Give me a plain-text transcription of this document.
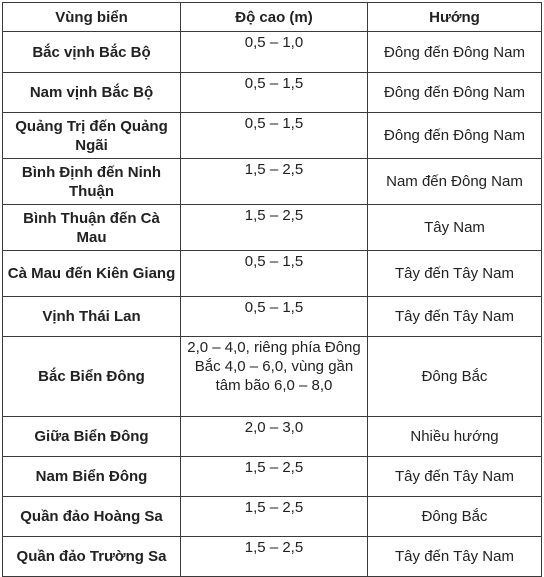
Vùng biển	Độ cao (m)	Hướng
Bắc vịnh Bắc Bộ	0,5 – 1,0	Đông đến Đông Nam
Nam vịnh Bắc Bộ	0,5 – 1,5	Đông đến Đông Nam
Quảng Trị đến Quảng Ngãi	0,5 – 1,5	Đông đến Đông Nam
Bình Định đến Ninh Thuận	1,5 – 2,5	Nam đến Đông Nam
Bình Thuận đến Cà Mau	1,5 – 2,5	Tây Nam
Cà Mau đến Kiên Giang	0,5 – 1,5	Tây đến Tây Nam
Vịnh Thái Lan	0,5 – 1,5	Tây đến Tây Nam
Bắc Biển Đông	2,0 – 4,0, riêng phía Đông Bắc 4,0 – 6,0, vùng gần tâm bão 6,0 – 8,0	Đông Bắc
Giữa Biển Đông	2,0 – 3,0	Nhiều hướng
Nam Biển Đông	1,5 – 2,5	Tây đến Tây Nam
Quần đảo Hoàng Sa	1,5 – 2,5	Đông Bắc
Quần đảo Trường Sa	1,5 – 2,5	Tây đến Tây Nam
